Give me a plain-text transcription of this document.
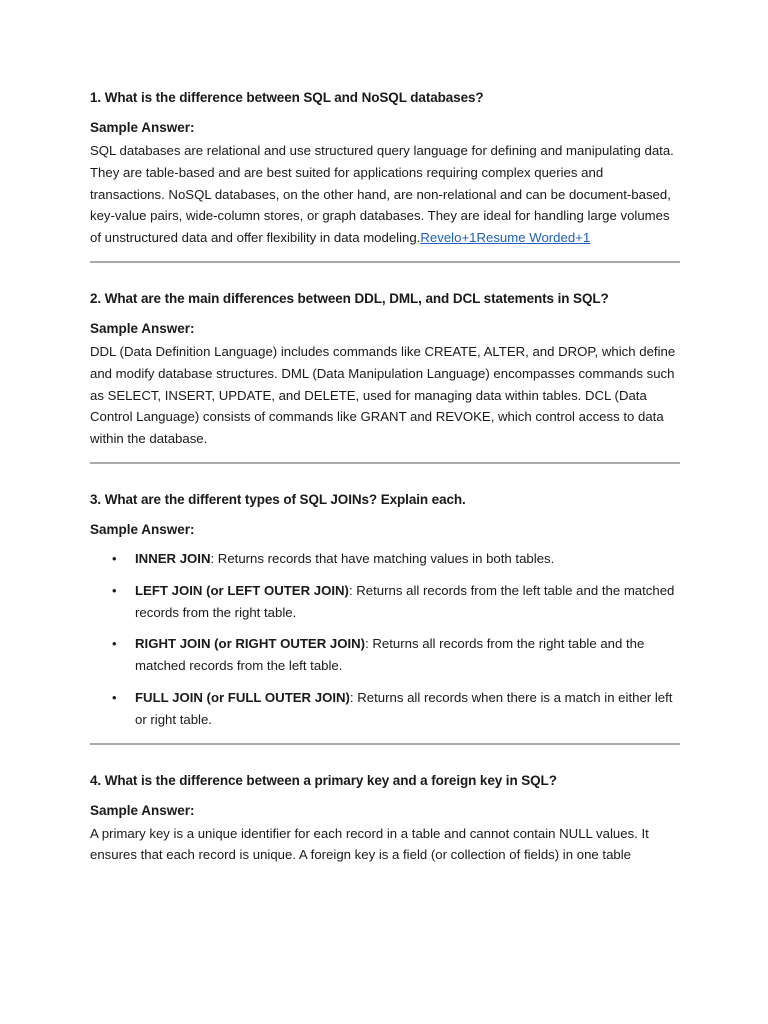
1. What is the difference between SQL and NoSQL databases?

Sample Answer:

SQL databases are relational and use structured query language for defining and manipulating data. They are table-based and are best suited for applications requiring complex queries and transactions. NoSQL databases, on the other hand, are non-relational and can be document-based, key-value pairs, wide-column stores, or graph databases. They are ideal for handling large volumes of unstructured data and offer flexibility in data modeling.Revelo+1Resume Worded+1

2. What are the main differences between DDL, DML, and DCL statements in SQL?

Sample Answer:

DDL (Data Definition Language) includes commands like CREATE, ALTER, and DROP, which define and modify database structures. DML (Data Manipulation Language) encompasses commands such as SELECT, INSERT, UPDATE, and DELETE, used for managing data within tables. DCL (Data Control Language) consists of commands like GRANT and REVOKE, which control access to data within the database.

3. What are the different types of SQL JOINs? Explain each.

Sample Answer:

• INNER JOIN: Returns records that have matching values in both tables.
• LEFT JOIN (or LEFT OUTER JOIN): Returns all records from the left table and the matched records from the right table.
• RIGHT JOIN (or RIGHT OUTER JOIN): Returns all records from the right table and the matched records from the left table.
• FULL JOIN (or FULL OUTER JOIN): Returns all records when there is a match in either left or right table.

4. What is the difference between a primary key and a foreign key in SQL?

Sample Answer:

A primary key is a unique identifier for each record in a table and cannot contain NULL values. It ensures that each record is unique. A foreign key is a field (or collection of fields) in one table
